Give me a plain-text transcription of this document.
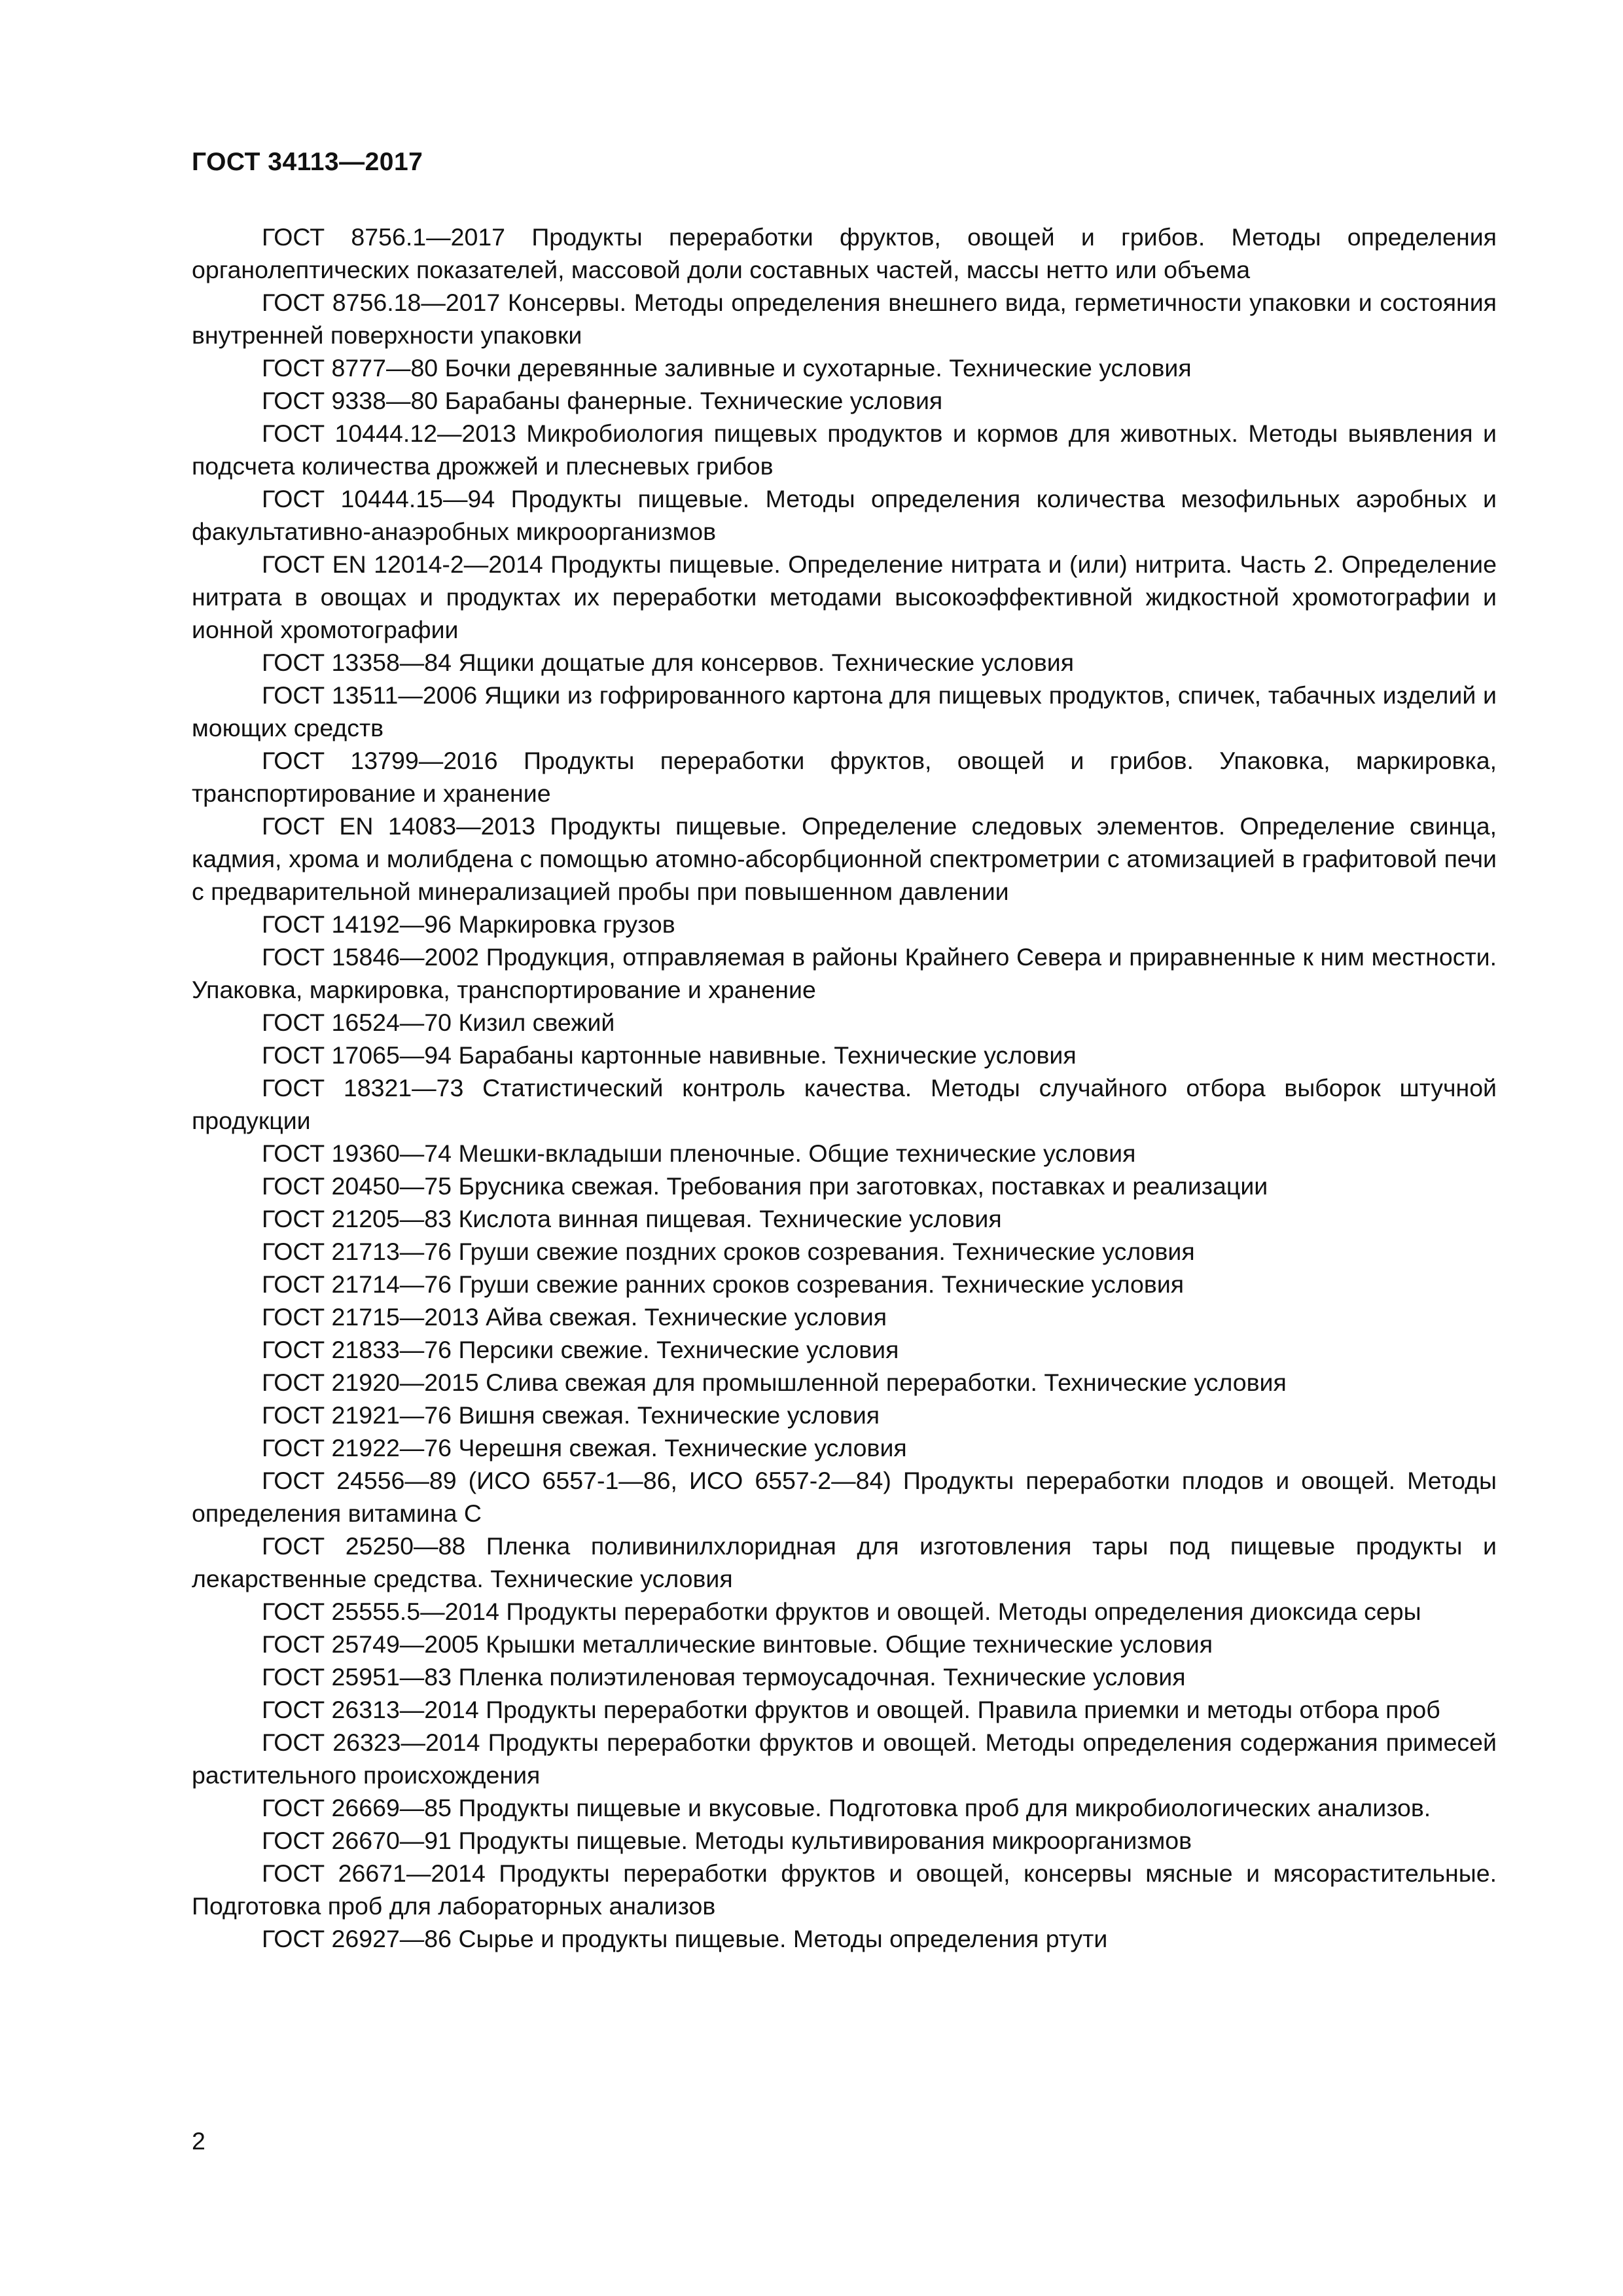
ГОСТ 34113—2017
ГОСТ 8756.1—2017 Продукты переработки фруктов, овощей и грибов. Методы определения органолептических показателей, массовой доли составных частей, массы нетто или объема
ГОСТ 8756.18—2017 Консервы. Методы определения внешнего вида, герметичности упаковки и состояния внутренней поверхности упаковки
ГОСТ 8777—80 Бочки деревянные заливные и сухотарные. Технические условия
ГОСТ 9338—80 Барабаны фанерные. Технические условия
ГОСТ 10444.12—2013 Микробиология пищевых продуктов и кормов для животных. Методы выявления и подсчета количества дрожжей и плесневых грибов
ГОСТ 10444.15—94 Продукты пищевые. Методы определения количества мезофильных аэробных и факультативно-анаэробных микроорганизмов
ГОСТ EN 12014-2—2014 Продукты пищевые. Определение нитрата и (или) нитрита. Часть 2. Определение нитрата в овощах и продуктах их переработки методами высокоэффективной жидкостной хромотографии и ионной хромотографии
ГОСТ 13358—84 Ящики дощатые для консервов. Технические условия
ГОСТ 13511—2006 Ящики из гофрированного картона для пищевых продуктов, спичек, табачных изделий и моющих средств
ГОСТ 13799—2016 Продукты переработки фруктов, овощей и грибов. Упаковка, маркировка, транспортирование и хранение
ГОСТ EN 14083—2013 Продукты пищевые. Определение следовых элементов. Определение свинца, кадмия, хрома и молибдена с помощью атомно-абсорбционной спектрометрии с атомизацией в графитовой печи с предварительной минерализацией пробы при повышенном давлении
ГОСТ 14192—96 Маркировка грузов
ГОСТ 15846—2002 Продукция, отправляемая в районы Крайнего Севера и приравненные к ним местности. Упаковка, маркировка, транспортирование и хранение
ГОСТ 16524—70 Кизил свежий
ГОСТ 17065—94 Барабаны картонные навивные. Технические условия
ГОСТ 18321—73 Статистический контроль качества. Методы случайного отбора выборок штучной продукции
ГОСТ 19360—74 Мешки-вкладыши пленочные. Общие технические условия
ГОСТ 20450—75 Брусника свежая. Требования при заготовках, поставках и реализации
ГОСТ 21205—83 Кислота винная пищевая. Технические условия
ГОСТ 21713—76 Груши свежие поздних сроков созревания. Технические условия
ГОСТ 21714—76 Груши свежие ранних сроков созревания. Технические условия
ГОСТ 21715—2013 Айва свежая. Технические условия
ГОСТ 21833—76 Персики свежие. Технические условия
ГОСТ 21920—2015 Слива свежая для промышленной переработки. Технические условия
ГОСТ 21921—76 Вишня свежая. Технические условия
ГОСТ 21922—76 Черешня свежая. Технические условия
ГОСТ 24556—89 (ИСО 6557-1—86, ИСО 6557-2—84) Продукты переработки плодов и овощей. Методы определения витамина С
ГОСТ 25250—88 Пленка поливинилхлоридная для изготовления тары под пищевые продукты и лекарственные средства. Технические условия
ГОСТ 25555.5—2014 Продукты переработки фруктов и овощей. Методы определения диоксида серы
ГОСТ 25749—2005 Крышки металлические винтовые. Общие технические условия
ГОСТ 25951—83 Пленка полиэтиленовая термоусадочная. Технические условия
ГОСТ 26313—2014 Продукты переработки фруктов и овощей. Правила приемки и методы отбора проб
ГОСТ 26323—2014 Продукты переработки фруктов и овощей. Методы определения содержания примесей растительного происхождения
ГОСТ 26669—85 Продукты пищевые и вкусовые. Подготовка проб для микробиологических анализов.
ГОСТ 26670—91 Продукты пищевые. Методы культивирования микроорганизмов
ГОСТ 26671—2014 Продукты переработки фруктов и овощей, консервы мясные и мясорастительные. Подготовка проб для лабораторных анализов
ГОСТ 26927—86 Сырье и продукты пищевые. Методы определения ртути
2
